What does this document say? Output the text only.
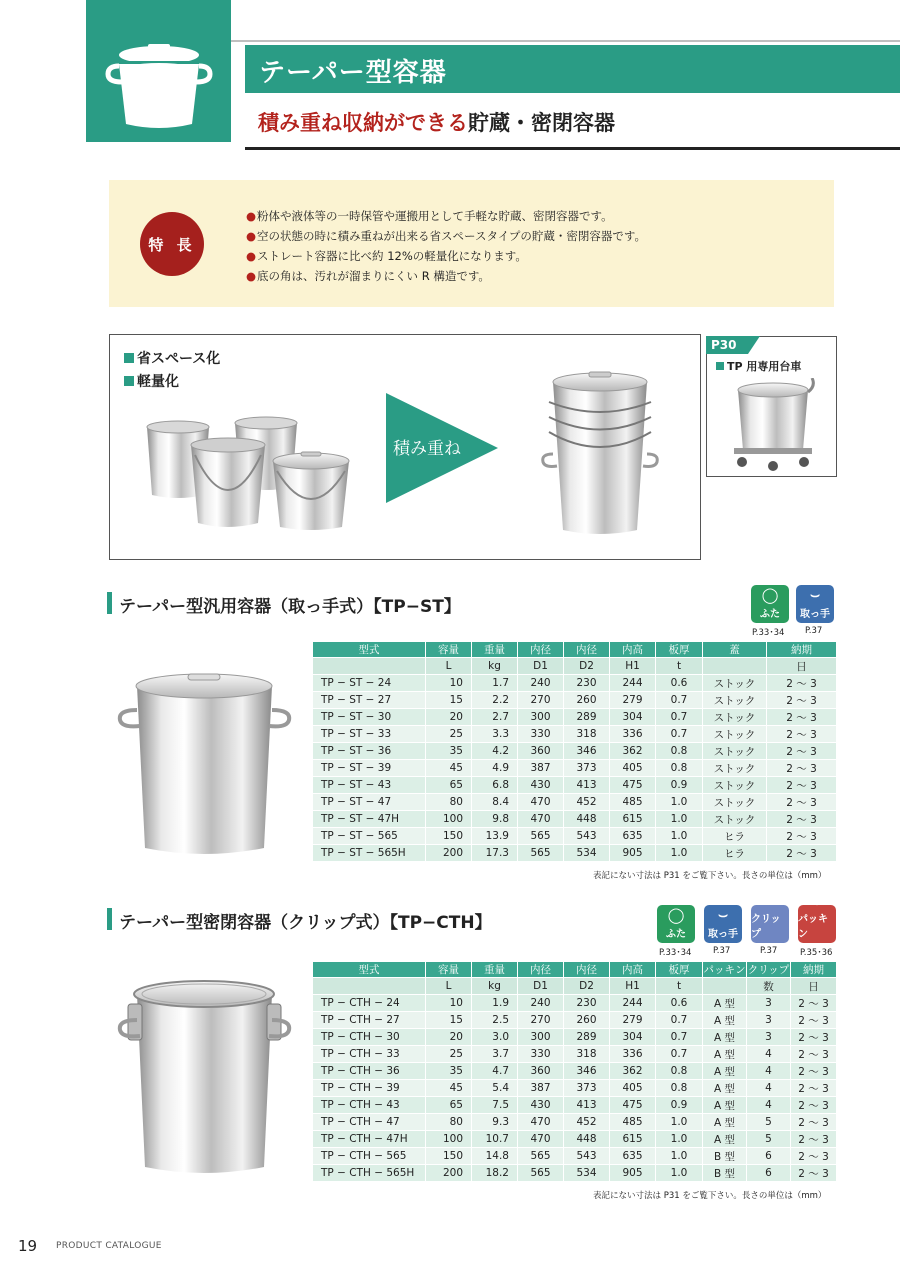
テーパー型容器
積み重ね収納ができる貯蔵・密閉容器
特 長
● 粉体や液体等の一時保管や運搬用として手軽な貯蔵、密閉容器です。
● 空の状態の時に積み重ねが出来る省スペースタイプの貯蔵・密閉容器です。
● ストレート容器に比べ約 12%の軽量化になります。
● 底の角は、汚れが溜まりにくい R 構造です。
省スペース化
軽量化
積み重ね
P30
TP 用専用台車
テーパー型汎用容器（取っ手式）【TP−ST】
◯
ふた
⌣
取っ手
P.33･34 P.37
型式	容量	重量	内径	内径	内高	板厚	蓋	納期
	L	kg	D1	D2	H1	t		日
TP − ST − 24	10	1.7	240	230	244	0.6	ストック	2 〜 3
TP − ST − 27	15	2.2	270	260	279	0.7	ストック	2 〜 3
TP − ST − 30	20	2.7	300	289	304	0.7	ストック	2 〜 3
TP − ST − 33	25	3.3	330	318	336	0.7	ストック	2 〜 3
TP − ST − 36	35	4.2	360	346	362	0.8	ストック	2 〜 3
TP − ST − 39	45	4.9	387	373	405	0.8	ストック	2 〜 3
TP − ST − 43	65	6.8	430	413	475	0.9	ストック	2 〜 3
TP − ST − 47	80	8.4	470	452	485	1.0	ストック	2 〜 3
TP − ST − 47H	100	9.8	470	448	615	1.0	ストック	2 〜 3
TP − ST − 565	150	13.9	565	543	635	1.0	ヒラ	2 〜 3
TP − ST − 565H	200	17.3	565	534	905	1.0	ヒラ	2 〜 3
表記にない寸法は P31 をご覧下さい。長さの単位は（mm）
テーパー型密閉容器（クリップ式）【TP−CTH】	◯
ふた
⌣
取っ手
⊐
クリップ
⊙
パッキン
P.33･34	P.37	P.37	P.35･36
型式	容量	重量	内径	内径	内高	板厚	パッキン	クリップ	納期
	L	kg	D1	D2	H1	t		数	日
TP − CTH − 24	10	1.9	240	230	244	0.6	A 型	3	2 〜 3
TP − CTH − 27	15	2.5	270	260	279	0.7	A 型	3	2 〜 3
TP − CTH − 30	20	3.0	300	289	304	0.7	A 型	3	2 〜 3
TP − CTH − 33	25	3.7	330	318	336	0.7	A 型	4	2 〜 3
TP − CTH − 36	35	4.7	360	346	362	0.8	A 型	4	2 〜 3
TP − CTH − 39	45	5.4	387	373	405	0.8	A 型	4	2 〜 3
TP − CTH − 43	65	7.5	430	413	475	0.9	A 型	4	2 〜 3
TP − CTH − 47	80	9.3	470	452	485	1.0	A 型	5	2 〜 3
TP − CTH − 47H	100	10.7	470	448	615	1.0	A 型	5	2 〜 3
TP − CTH − 565	150	14.8	565	543	635	1.0	B 型	6	2 〜 3
TP − CTH − 565H	200	18.2	565	534	905	1.0	B 型	6	2 〜 3
表記にない寸法は P31 をご覧下さい。長さの単位は（mm）
19 PRODUCT CATALOGUE
